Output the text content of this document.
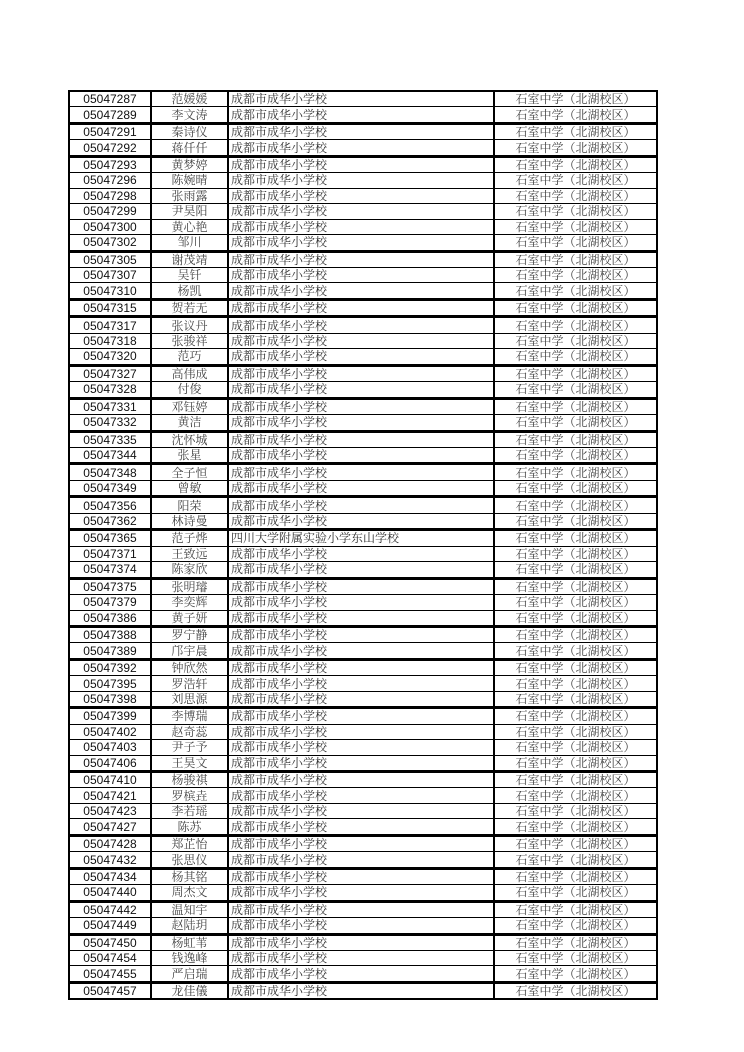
05047287	范媛媛	成都市成华小学校	石室中学（北湖校区）
05047289	李文涛	成都市成华小学校	石室中学（北湖校区）
05047291	秦诗仪	成都市成华小学校	石室中学（北湖校区）
05047292	蒋仟仟	成都市成华小学校	石室中学（北湖校区）
05047293	黄梦婷	成都市成华小学校	石室中学（北湖校区）
05047296	陈婉晴	成都市成华小学校	石室中学（北湖校区）
05047298	张雨露	成都市成华小学校	石室中学（北湖校区）
05047299	尹昊阳	成都市成华小学校	石室中学（北湖校区）
05047300	黄心艳	成都市成华小学校	石室中学（北湖校区）
05047302	邹川	成都市成华小学校	石室中学（北湖校区）
05047305	谢茂靖	成都市成华小学校	石室中学（北湖校区）
05047307	吴钎	成都市成华小学校	石室中学（北湖校区）
05047310	杨凯	成都市成华小学校	石室中学（北湖校区）
05047315	贺若无	成都市成华小学校	石室中学（北湖校区）
05047317	张议丹	成都市成华小学校	石室中学（北湖校区）
05047318	张骏祥	成都市成华小学校	石室中学（北湖校区）
05047320	范巧	成都市成华小学校	石室中学（北湖校区）
05047327	高伟成	成都市成华小学校	石室中学（北湖校区）
05047328	付俊	成都市成华小学校	石室中学（北湖校区）
05047331	邓钰婷	成都市成华小学校	石室中学（北湖校区）
05047332	黄洁	成都市成华小学校	石室中学（北湖校区）
05047335	沈怀城	成都市成华小学校	石室中学（北湖校区）
05047344	张星	成都市成华小学校	石室中学（北湖校区）
05047348	全子恒	成都市成华小学校	石室中学（北湖校区）
05047349	曾敏	成都市成华小学校	石室中学（北湖校区）
05047356	阳荣	成都市成华小学校	石室中学（北湖校区）
05047362	林诗曼	成都市成华小学校	石室中学（北湖校区）
05047365	范子烨	四川大学附属实验小学东山学校	石室中学（北湖校区）
05047371	王致远	成都市成华小学校	石室中学（北湖校区）
05047374	陈家欣	成都市成华小学校	石室中学（北湖校区）
05047375	张明璿	成都市成华小学校	石室中学（北湖校区）
05047379	李奕辉	成都市成华小学校	石室中学（北湖校区）
05047386	黄子妍	成都市成华小学校	石室中学（北湖校区）
05047388	罗宁静	成都市成华小学校	石室中学（北湖校区）
05047389	邝宇晨	成都市成华小学校	石室中学（北湖校区）
05047392	钟欣然	成都市成华小学校	石室中学（北湖校区）
05047395	罗浩轩	成都市成华小学校	石室中学（北湖校区）
05047398	刘思源	成都市成华小学校	石室中学（北湖校区）
05047399	李博瑞	成都市成华小学校	石室中学（北湖校区）
05047402	赵奇蕊	成都市成华小学校	石室中学（北湖校区）
05047403	尹子予	成都市成华小学校	石室中学（北湖校区）
05047406	王昊文	成都市成华小学校	石室中学（北湖校区）
05047410	杨骏祺	成都市成华小学校	石室中学（北湖校区）
05047421	罗槟垚	成都市成华小学校	石室中学（北湖校区）
05047423	李若瑶	成都市成华小学校	石室中学（北湖校区）
05047427	陈苏	成都市成华小学校	石室中学（北湖校区）
05047428	郑芷怡	成都市成华小学校	石室中学（北湖校区）
05047432	张思仪	成都市成华小学校	石室中学（北湖校区）
05047434	杨其铭	成都市成华小学校	石室中学（北湖校区）
05047440	周杰文	成都市成华小学校	石室中学（北湖校区）
05047442	温知宇	成都市成华小学校	石室中学（北湖校区）
05047449	赵陆玥	成都市成华小学校	石室中学（北湖校区）
05047450	杨虹苇	成都市成华小学校	石室中学（北湖校区）
05047454	钱逸峰	成都市成华小学校	石室中学（北湖校区）
05047455	严启瑞	成都市成华小学校	石室中学（北湖校区）
05047457	龙佳儀	成都市成华小学校	石室中学（北湖校区）
